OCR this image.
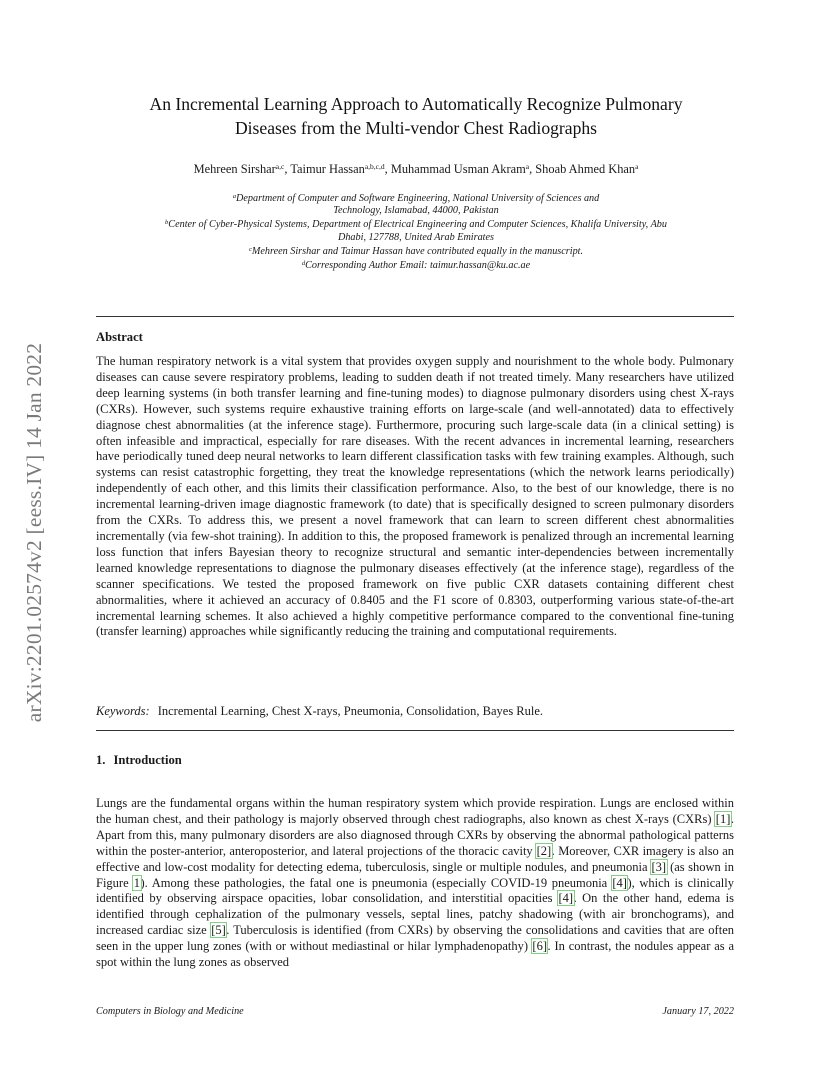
arXiv:2201.02574v2 [eess.IV] 14 Jan 2022
An Incremental Learning Approach to Automatically Recognize Pulmonary
Diseases from the Multi-vendor Chest Radiographs
Mehreen Sirshar$^{a,c}$, Taimur Hassan$^{a,b,c,d}$, Muhammad Usman Akram$^a$, Shoab Ahmed Khan$^a$
$^a$Department of Computer and Software Engineering, National University of Sciences and
Technology, Islamabad, 44000, Pakistan
$^b$Center of Cyber-Physical Systems, Department of Electrical Engineering and Computer Sciences, Khalifa University, Abu
Dhabi, 127788, United Arab Emirates
$^c$Mehreen Sirshar and Taimur Hassan have contributed equally in the manuscript.
$^d$Corresponding Author Email: taimur.hassan@ku.ac.ae
Abstract
The human respiratory network is a vital system that provides oxygen supply and nourishment to the whole body. Pulmonary diseases can cause severe respiratory problems, leading to sudden death if not treated timely. Many researchers have utilized deep learning systems (in both transfer learning and fine-tuning modes) to diagnose pulmonary disorders using chest X-rays (CXRs). However, such systems require exhaustive training efforts on large-scale (and well-annotated) data to effectively diagnose chest abnormalities (at the inference stage). Furthermore, procuring such large-scale data (in a clinical setting) is often infeasible and impractical, especially for rare diseases. With the recent advances in incremental learning, researchers have periodically tuned deep neural networks to learn different classification tasks with few training examples. Although, such systems can resist catastrophic forgetting, they treat the knowledge representations (which the network learns periodically) independently of each other, and this limits their classification performance. Also, to the best of our knowledge, there is no incremental learning-driven image diagnostic framework (to date) that is specifically designed to screen pulmonary disorders from the CXRs. To address this, we present a novel framework that can learn to screen different chest abnormalities incrementally (via few-shot training). In addition to this, the proposed framework is penalized through an incremental learning loss function that infers Bayesian theory to recognize structural and semantic inter-dependencies between incrementally learned knowledge representations to diagnose the pulmonary diseases effectively (at the inference stage), regardless of the scanner specifications. We tested the proposed framework on five public CXR datasets containing different chest abnormalities, where it achieved an accuracy of 0.8405 and the F1 score of 0.8303, outperforming various state-of-the-art incremental learning schemes. It also achieved a highly competitive performance compared to the conventional fine-tuning (transfer learning) approaches while significantly reducing the training and computational requirements.
Keywords: Incremental Learning, Chest X-rays, Pneumonia, Consolidation, Bayes Rule.
1. Introduction
Lungs are the fundamental organs within the human respiratory system which provide respiration. Lungs are enclosed within the human chest, and their pathology is majorly observed through chest radiographs, also known as chest X-rays (CXRs) [1]. Apart from this, many pulmonary disorders are also diagnosed through CXRs by observing the abnormal pathological patterns within the poster-anterior, anteroposterior, and lateral projections of the thoracic cavity [2]. Moreover, CXR imagery is also an effective and low-cost modality for detecting edema, tuberculosis, single or multiple nodules, and pneumonia [3] (as shown in Figure 1). Among these pathologies, the fatal one is pneumonia (especially COVID-19 pneumonia [4]), which is clinically identified by observing airspace opacities, lobar consolidation, and interstitial opacities [4]. On the other hand, edema is identified through cephalization of the pulmonary vessels, septal lines, patchy shadowing (with air bronchograms), and increased cardiac size [5]. Tuberculosis is identified (from CXRs) by observing the consolidations and cavities that are often seen in the upper lung zones (with or without mediastinal or hilar lymphadenopathy) [6]. In contrast, the nodules appear as a spot within the lung zones as observed
Computers in Biology and Medicine	January 17, 2022
